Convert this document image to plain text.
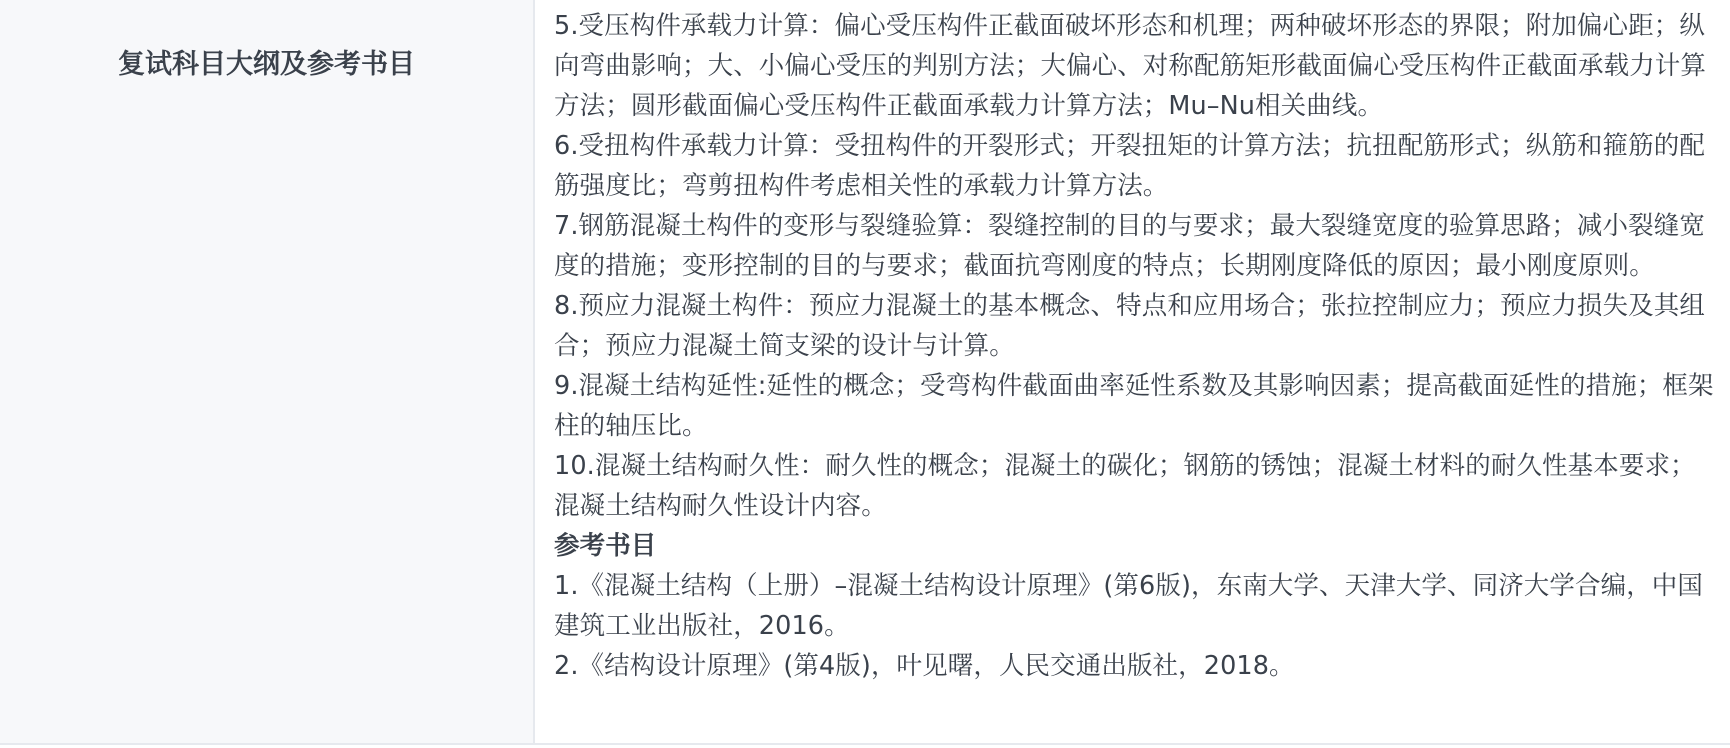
复试科目大纲及参考书目

5.受压构件承载力计算：偏心受压构件正截面破坏形态和机理；两种破坏形态的界限；附加偏心距；纵向弯曲影响；大、小偏心受压的判别方法；大偏心、对称配筋矩形截面偏心受压构件正截面承载力计算方法；圆形截面偏心受压构件正截面承载力计算方法；Mu–Nu相关曲线。

6.受扭构件承载力计算：受扭构件的开裂形式；开裂扭矩的计算方法；抗扭配筋形式；纵筋和箍筋的配筋强度比；弯剪扭构件考虑相关性的承载力计算方法。

7.钢筋混凝土构件的变形与裂缝验算：裂缝控制的目的与要求；最大裂缝宽度的验算思路；减小裂缝宽度的措施；变形控制的目的与要求；截面抗弯刚度的特点；长期刚度降低的原因；最小刚度原则。

8.预应力混凝土构件：预应力混凝土的基本概念、特点和应用场合；张拉控制应力；预应力损失及其组合；预应力混凝土简支梁的设计与计算。

9.混凝土结构延性:延性的概念；受弯构件截面曲率延性系数及其影响因素；提高截面延性的措施；框架柱的轴压比。

10.混凝土结构耐久性：耐久性的概念；混凝土的碳化；钢筋的锈蚀；混凝土材料的耐久性基本要求；混凝土结构耐久性设计内容。

参考书目

1.《混凝土结构（上册）–混凝土结构设计原理》(第6版)，东南大学、天津大学、同济大学合编，中国建筑工业出版社，2016。

2.《结构设计原理》(第4版)，叶见曙，人民交通出版社，2018。
